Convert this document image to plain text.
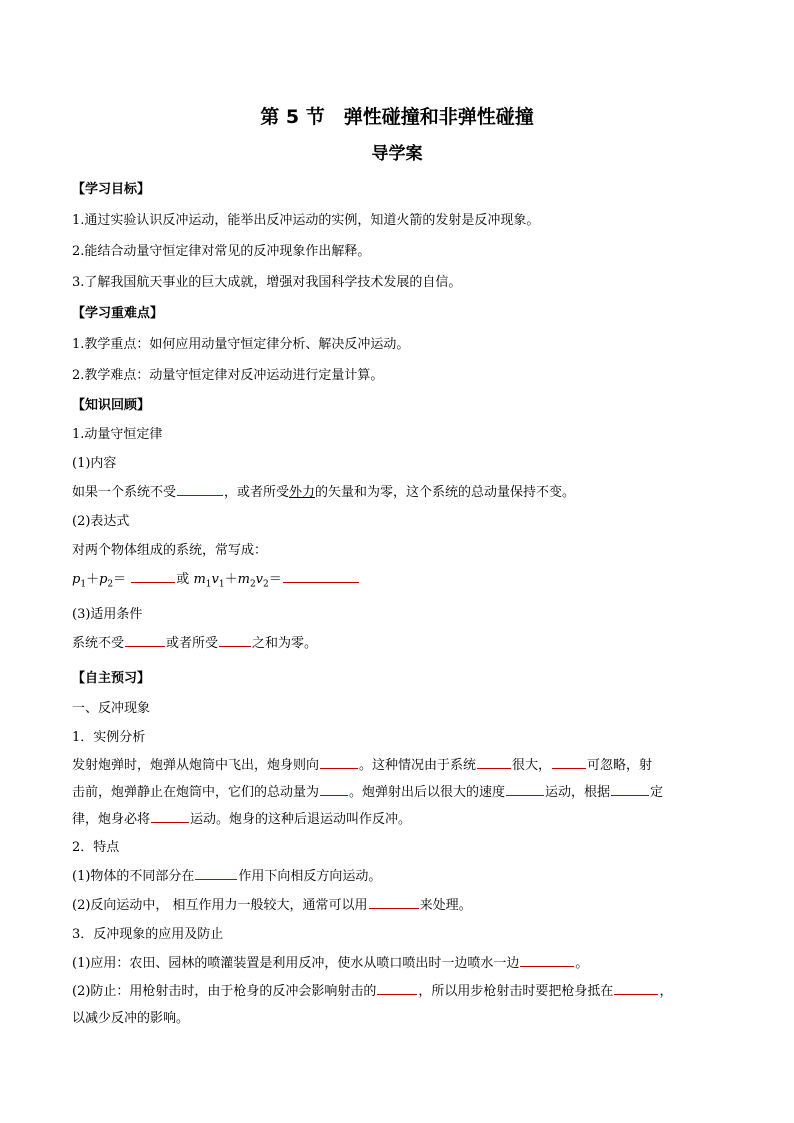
第 5 节　弹性碰撞和非弹性碰撞
导学案
【学习目标】
1.通过实验认识反冲运动，能举出反冲运动的实例，知道火箭的发射是反冲现象。
2.能结合动量守恒定律对常见的反冲现象作出解释。
3.了解我国航天事业的巨大成就，增强对我国科学技术发展的自信。
【学习重难点】
1.教学重点：如何应用动量守恒定律分析、解决反冲运动。
2.教学难点：动量守恒定律对反冲运动进行定量计算。
【知识回顾】
1.动量守恒定律
(1)内容
如果一个系统不受	，或者所受外力的矢量和为零，这个系统的总动量保持不变。
(2)表达式
对两个物体组成的系统，常写成：
$p_1+p_2=$	或 $m_1v_1+m_2v_2=$
(3)适用条件
系统不受	或者所受	之和为零。
【自主预习】
一、反冲现象
1．实例分析
发射炮弹时，炮弹从炮筒中飞出，炮身则向	。这种情况由于系统	很大，	可忽略，射
击前，炮弹静止在炮筒中，它们的总动量为 。炮弹射出后以很大的速度	运动，根据	定
律，炮身必将	运动。炮身的这种后退运动叫作反冲。
2．特点
(1)物体的不同部分在	作用下向相反方向运动。
(2)反向运动中， 相互作用力一般较大，通常可以用	来处理。
3．反冲现象的应用及防止
(1)应用：农田、园林的喷灌装置是利用反冲，使水从喷口喷出时一边喷水一边	。
(2)防止：用枪射击时，由于枪身的反冲会影响射击的	，所以用步枪射击时要把枪身抵在	，
以减少反冲的影响。
